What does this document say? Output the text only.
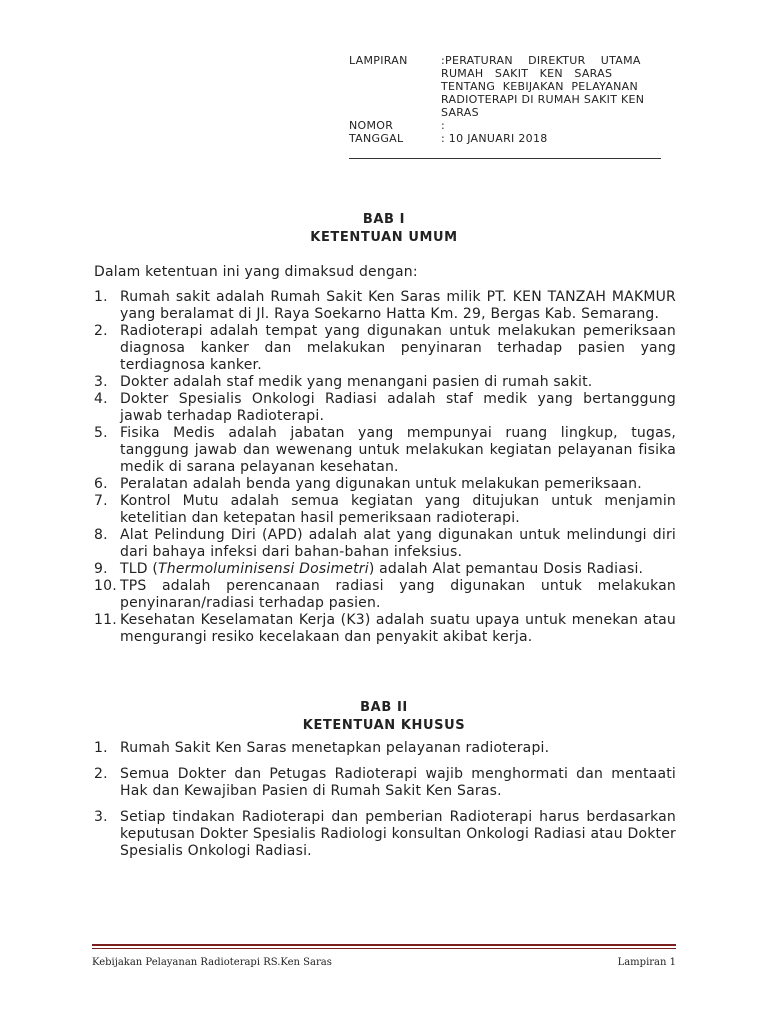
LAMPIRAN	:PERATURAN    DIREKTUR    UTAMA
RUMAH   SAKIT   KEN   SARAS
TENTANG  KEBIJAKAN  PELAYANAN
RADIOTERAPI DI RUMAH SAKIT KEN
SARAS
NOMOR	:
TANGGAL	: 10 JANUARI 2018
BAB I
KETENTUAN UMUM
Dalam ketentuan ini yang dimaksud dengan:
1. Rumah sakit adalah Rumah Sakit Ken Saras milik PT. KEN TANZAH MAKMUR yang beralamat di Jl. Raya Soekarno Hatta Km. 29, Bergas Kab. Semarang.
2. Radioterapi adalah tempat yang digunakan untuk melakukan pemeriksaan diagnosa kanker dan melakukan penyinaran terhadap pasien yang terdiagnosa kanker.
3. Dokter adalah staf medik yang menangani pasien di rumah sakit.
4. Dokter Spesialis Onkologi Radiasi adalah staf medik yang bertanggung jawab terhadap Radioterapi.
5. Fisika Medis adalah jabatan yang mempunyai ruang lingkup, tugas, tanggung jawab dan wewenang untuk melakukan kegiatan pelayanan fisika medik di sarana pelayanan kesehatan.
6. Peralatan adalah benda yang digunakan untuk melakukan pemeriksaan.
7. Kontrol Mutu adalah semua kegiatan yang ditujukan untuk menjamin ketelitian dan ketepatan hasil pemeriksaan radioterapi.
8. Alat Pelindung Diri (APD) adalah alat yang digunakan untuk melindungi diri dari bahaya infeksi dari bahan-bahan infeksius.
9. TLD (Thermoluminisensi Dosimetri) adalah Alat pemantau Dosis Radiasi.
10. TPS adalah perencanaan radiasi yang digunakan untuk melakukan penyinaran/radiasi terhadap pasien.
11. Kesehatan Keselamatan Kerja (K3) adalah suatu upaya untuk menekan atau mengurangi resiko kecelakaan dan penyakit akibat kerja.
BAB II
KETENTUAN KHUSUS
1. Rumah Sakit Ken Saras menetapkan pelayanan radioterapi.
2. Semua Dokter dan Petugas Radioterapi wajib menghormati dan mentaati Hak dan Kewajiban Pasien di Rumah Sakit Ken Saras.
3. Setiap tindakan Radioterapi dan pemberian Radioterapi harus berdasarkan keputusan Dokter Spesialis Radiologi konsultan Onkologi Radiasi atau Dokter Spesialis Onkologi Radiasi.
Kebijakan Pelayanan Radioterapi RS.Ken Saras	Lampiran 1
